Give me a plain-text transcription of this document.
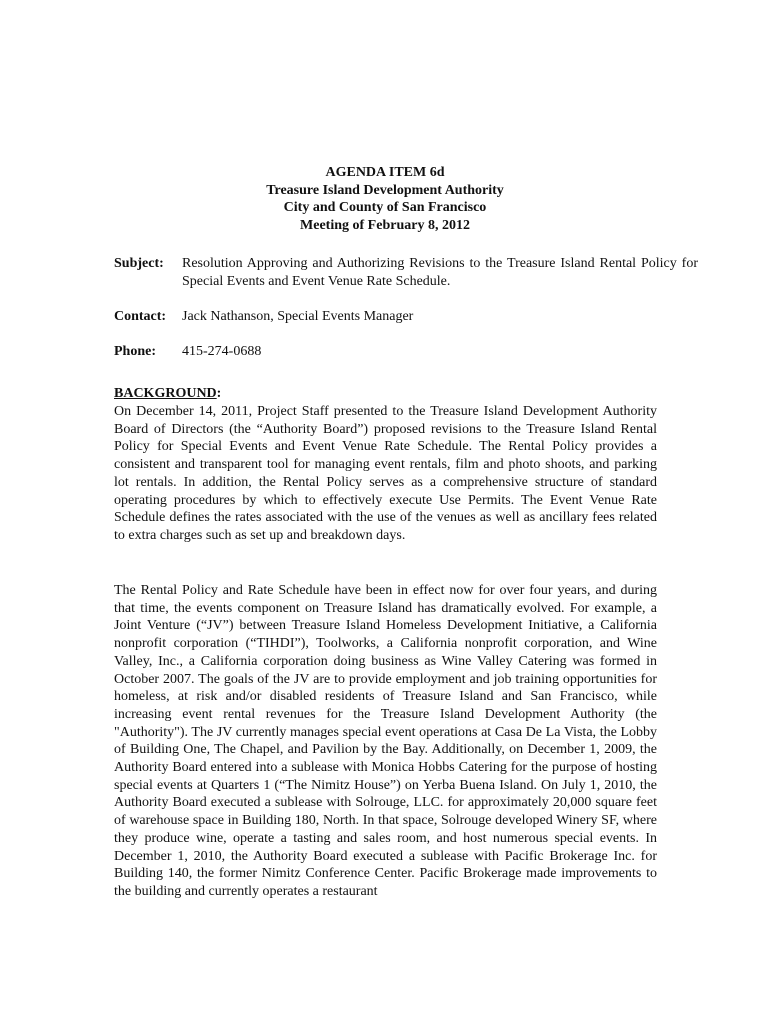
AGENDA ITEM 6d
Treasure Island Development Authority
City and County of San Francisco
Meeting of February 8, 2012
Subject:	Resolution Approving and Authorizing Revisions to the Treasure Island Rental Policy for Special Events and Event Venue Rate Schedule.
Contact:	Jack Nathanson, Special Events Manager
Phone:	415-274-0688
BACKGROUND:

On December 14, 2011, Project Staff presented to the Treasure Island Development Authority Board of Directors (the “Authority Board”) proposed revisions to the Treasure Island Rental Policy for Special Events and Event Venue Rate Schedule. The Rental Policy provides a consistent and transparent tool for managing event rentals, film and photo shoots, and parking lot rentals. In addition, the Rental Policy serves as a comprehensive structure of standard operating procedures by which to effectively execute Use Permits. The Event Venue Rate Schedule defines the rates associated with the use of the venues as well as ancillary fees related to extra charges such as set up and breakdown days.

The Rental Policy and Rate Schedule have been in effect now for over four years, and during that time, the events component on Treasure Island has dramatically evolved. For example, a Joint Venture (“JV”) between Treasure Island Homeless Development Initiative, a California nonprofit corporation (“TIHDI”), Toolworks, a California nonprofit corporation, and Wine Valley, Inc., a California corporation doing business as Wine Valley Catering was formed in October 2007. The goals of the JV are to provide employment and job training opportunities for homeless, at risk and/or disabled residents of Treasure Island and San Francisco, while increasing event rental revenues for the Treasure Island Development Authority (the "Authority"). The JV currently manages special event operations at Casa De La Vista, the Lobby of Building One, The Chapel, and Pavilion by the Bay. Additionally, on December 1, 2009, the Authority Board entered into a sublease with Monica Hobbs Catering for the purpose of hosting special events at Quarters 1 (“The Nimitz House”) on Yerba Buena Island. On July 1, 2010, the Authority Board executed a sublease with Solrouge, LLC. for approximately 20,000 square feet of warehouse space in Building 180, North. In that space, Solrouge developed Winery SF, where they produce wine, operate a tasting and sales room, and host numerous special events. In December 1, 2010, the Authority Board executed a sublease with Pacific Brokerage Inc. for Building 140, the former Nimitz Conference Center. Pacific Brokerage made improvements to the building and currently operates a restaurant
